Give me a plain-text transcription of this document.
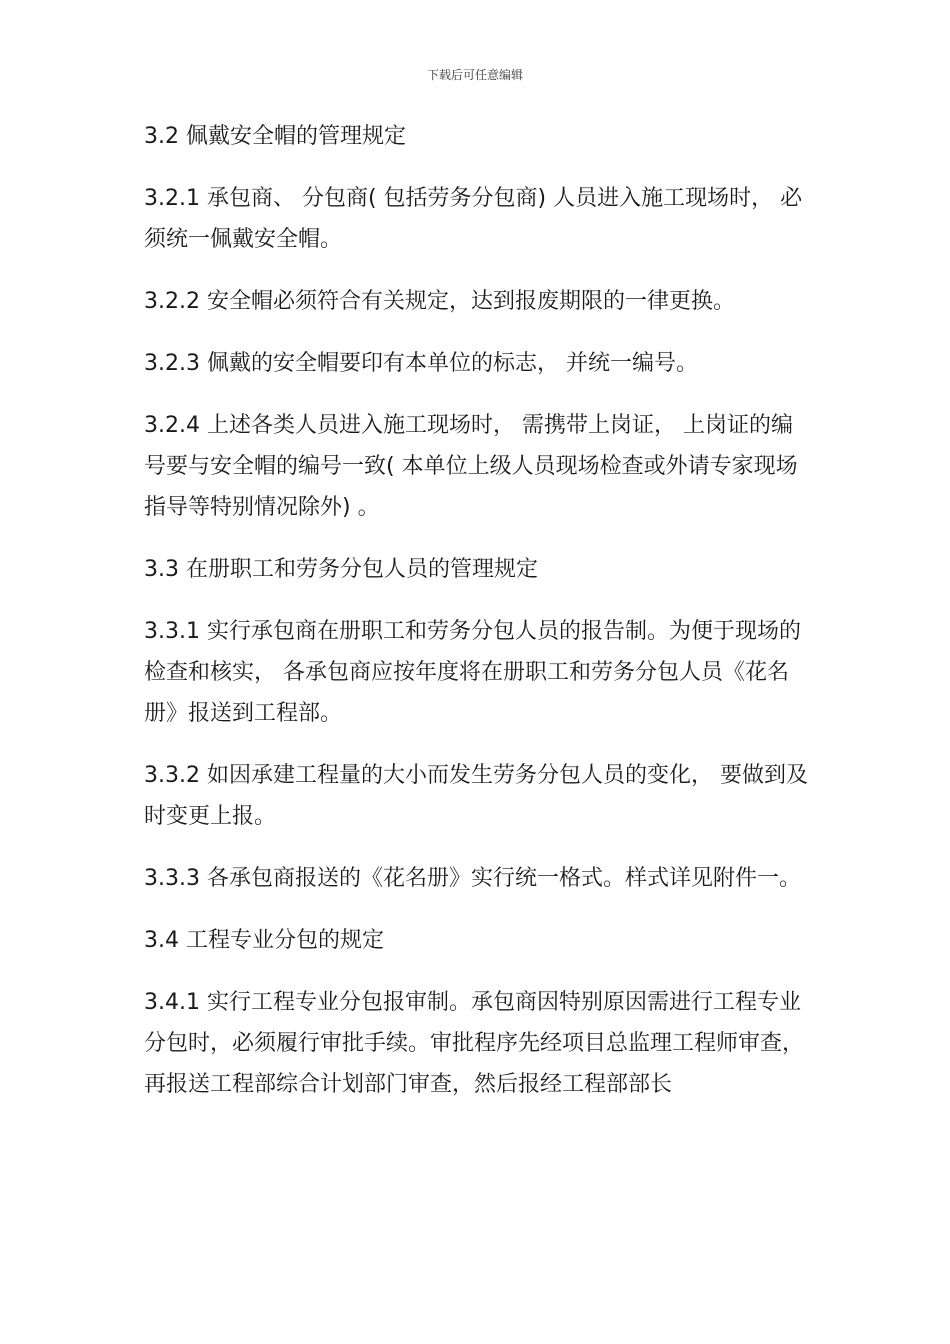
下载后可任意编辑

3.2 佩戴安全帽的管理规定

3.2.1 承包商、 分包商( 包括劳务分包商) 人员进入施工现场时， 必须统一佩戴安全帽。

3.2.2 安全帽必须符合有关规定，达到报废期限的一律更换。

3.2.3 佩戴的安全帽要印有本单位的标志， 并统一编号。

3.2.4 上述各类人员进入施工现场时， 需携带上岗证， 上岗证的编号要与安全帽的编号一致( 本单位上级人员现场检查或外请专家现场指导等特别情况除外) 。

3.3 在册职工和劳务分包人员的管理规定

3.3.1 实行承包商在册职工和劳务分包人员的报告制。为便于现场的检查和核实， 各承包商应按年度将在册职工和劳务分包人员《花名册》报送到工程部。

3.3.2 如因承建工程量的大小而发生劳务分包人员的变化， 要做到及时变更上报。

3.3.3 各承包商报送的《花名册》实行统一格式。样式详见附件一。

3.4 工程专业分包的规定

3.4.1 实行工程专业分包报审制。承包商因特别原因需进行工程专业分包时，必须履行审批手续。审批程序先经项目总监理工程师审查，再报送工程部综合计划部门审查，然后报经工程部部长
